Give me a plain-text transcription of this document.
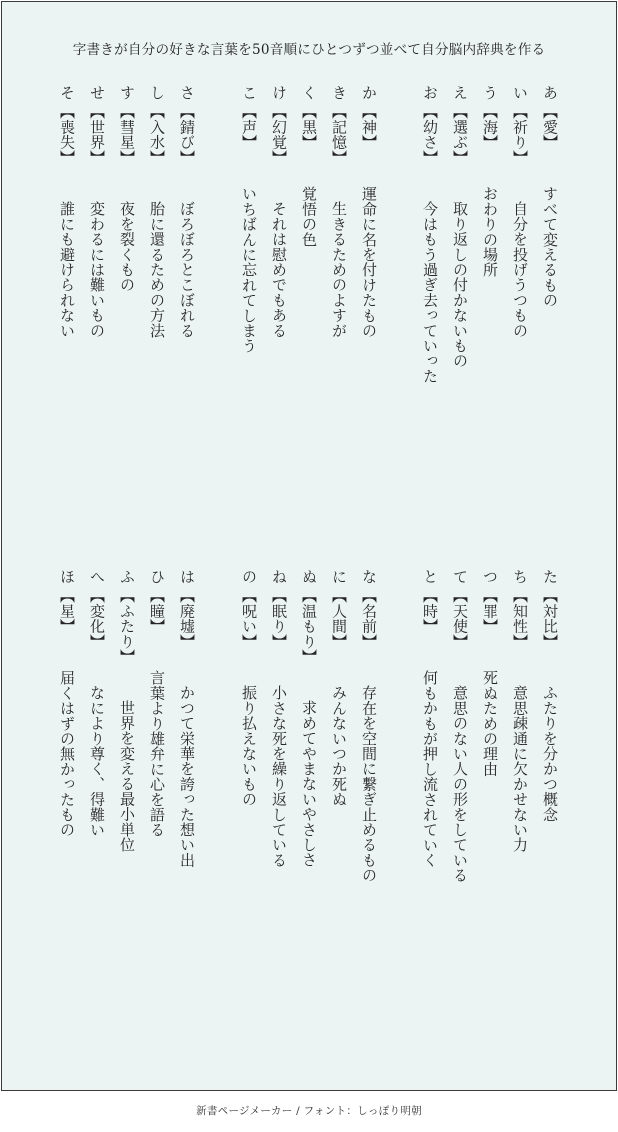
字書きが自分の好きな言葉を50音順にひとつずつ並べて自分脳内辞典を作る
あ【愛】すべて変えるもの
い【祈り】自分を投げうつもの
う【海】おわりの場所
え【選ぶ】取り返しの付かないもの
お【幼さ】今はもう過ぎ去っていった
か【神】運命に名を付けたもの
き【記憶】生きるためのよすが
く【黒】覚悟の色
け【幻覚】それは慰めでもある
こ【声】いちばんに忘れてしまう
さ【錆び】ぼろぼろとこぼれる
し【入水】胎に還るための方法
す【彗星】夜を裂くもの
せ【世界】変わるには難いもの
そ【喪失】誰にも避けられない
た【対比】ふたりを分かつ概念
ち【知性】意思疎通に欠かせない力
つ【罪】死ぬための理由
て【天使】意思のない人の形をしている
と【時】何もかもが押し流されていく
な【名前】存在を空間に繋ぎ止めるもの
に【人間】みんないつか死ぬ
ぬ【温もり】求めてやまないやさしさ
ね【眠り】小さな死を繰り返している
の【呪い】振り払えないもの
は【廃墟】かつて栄華を誇った想い出
ひ【瞳】言葉より雄弁に心を語る
ふ【ふたり】世界を変える最小単位
へ【変化】なにより尊く、得難い
ほ【星】届くはずの無かったもの
新書ページメーカー / フォント：しっぽり明朝
